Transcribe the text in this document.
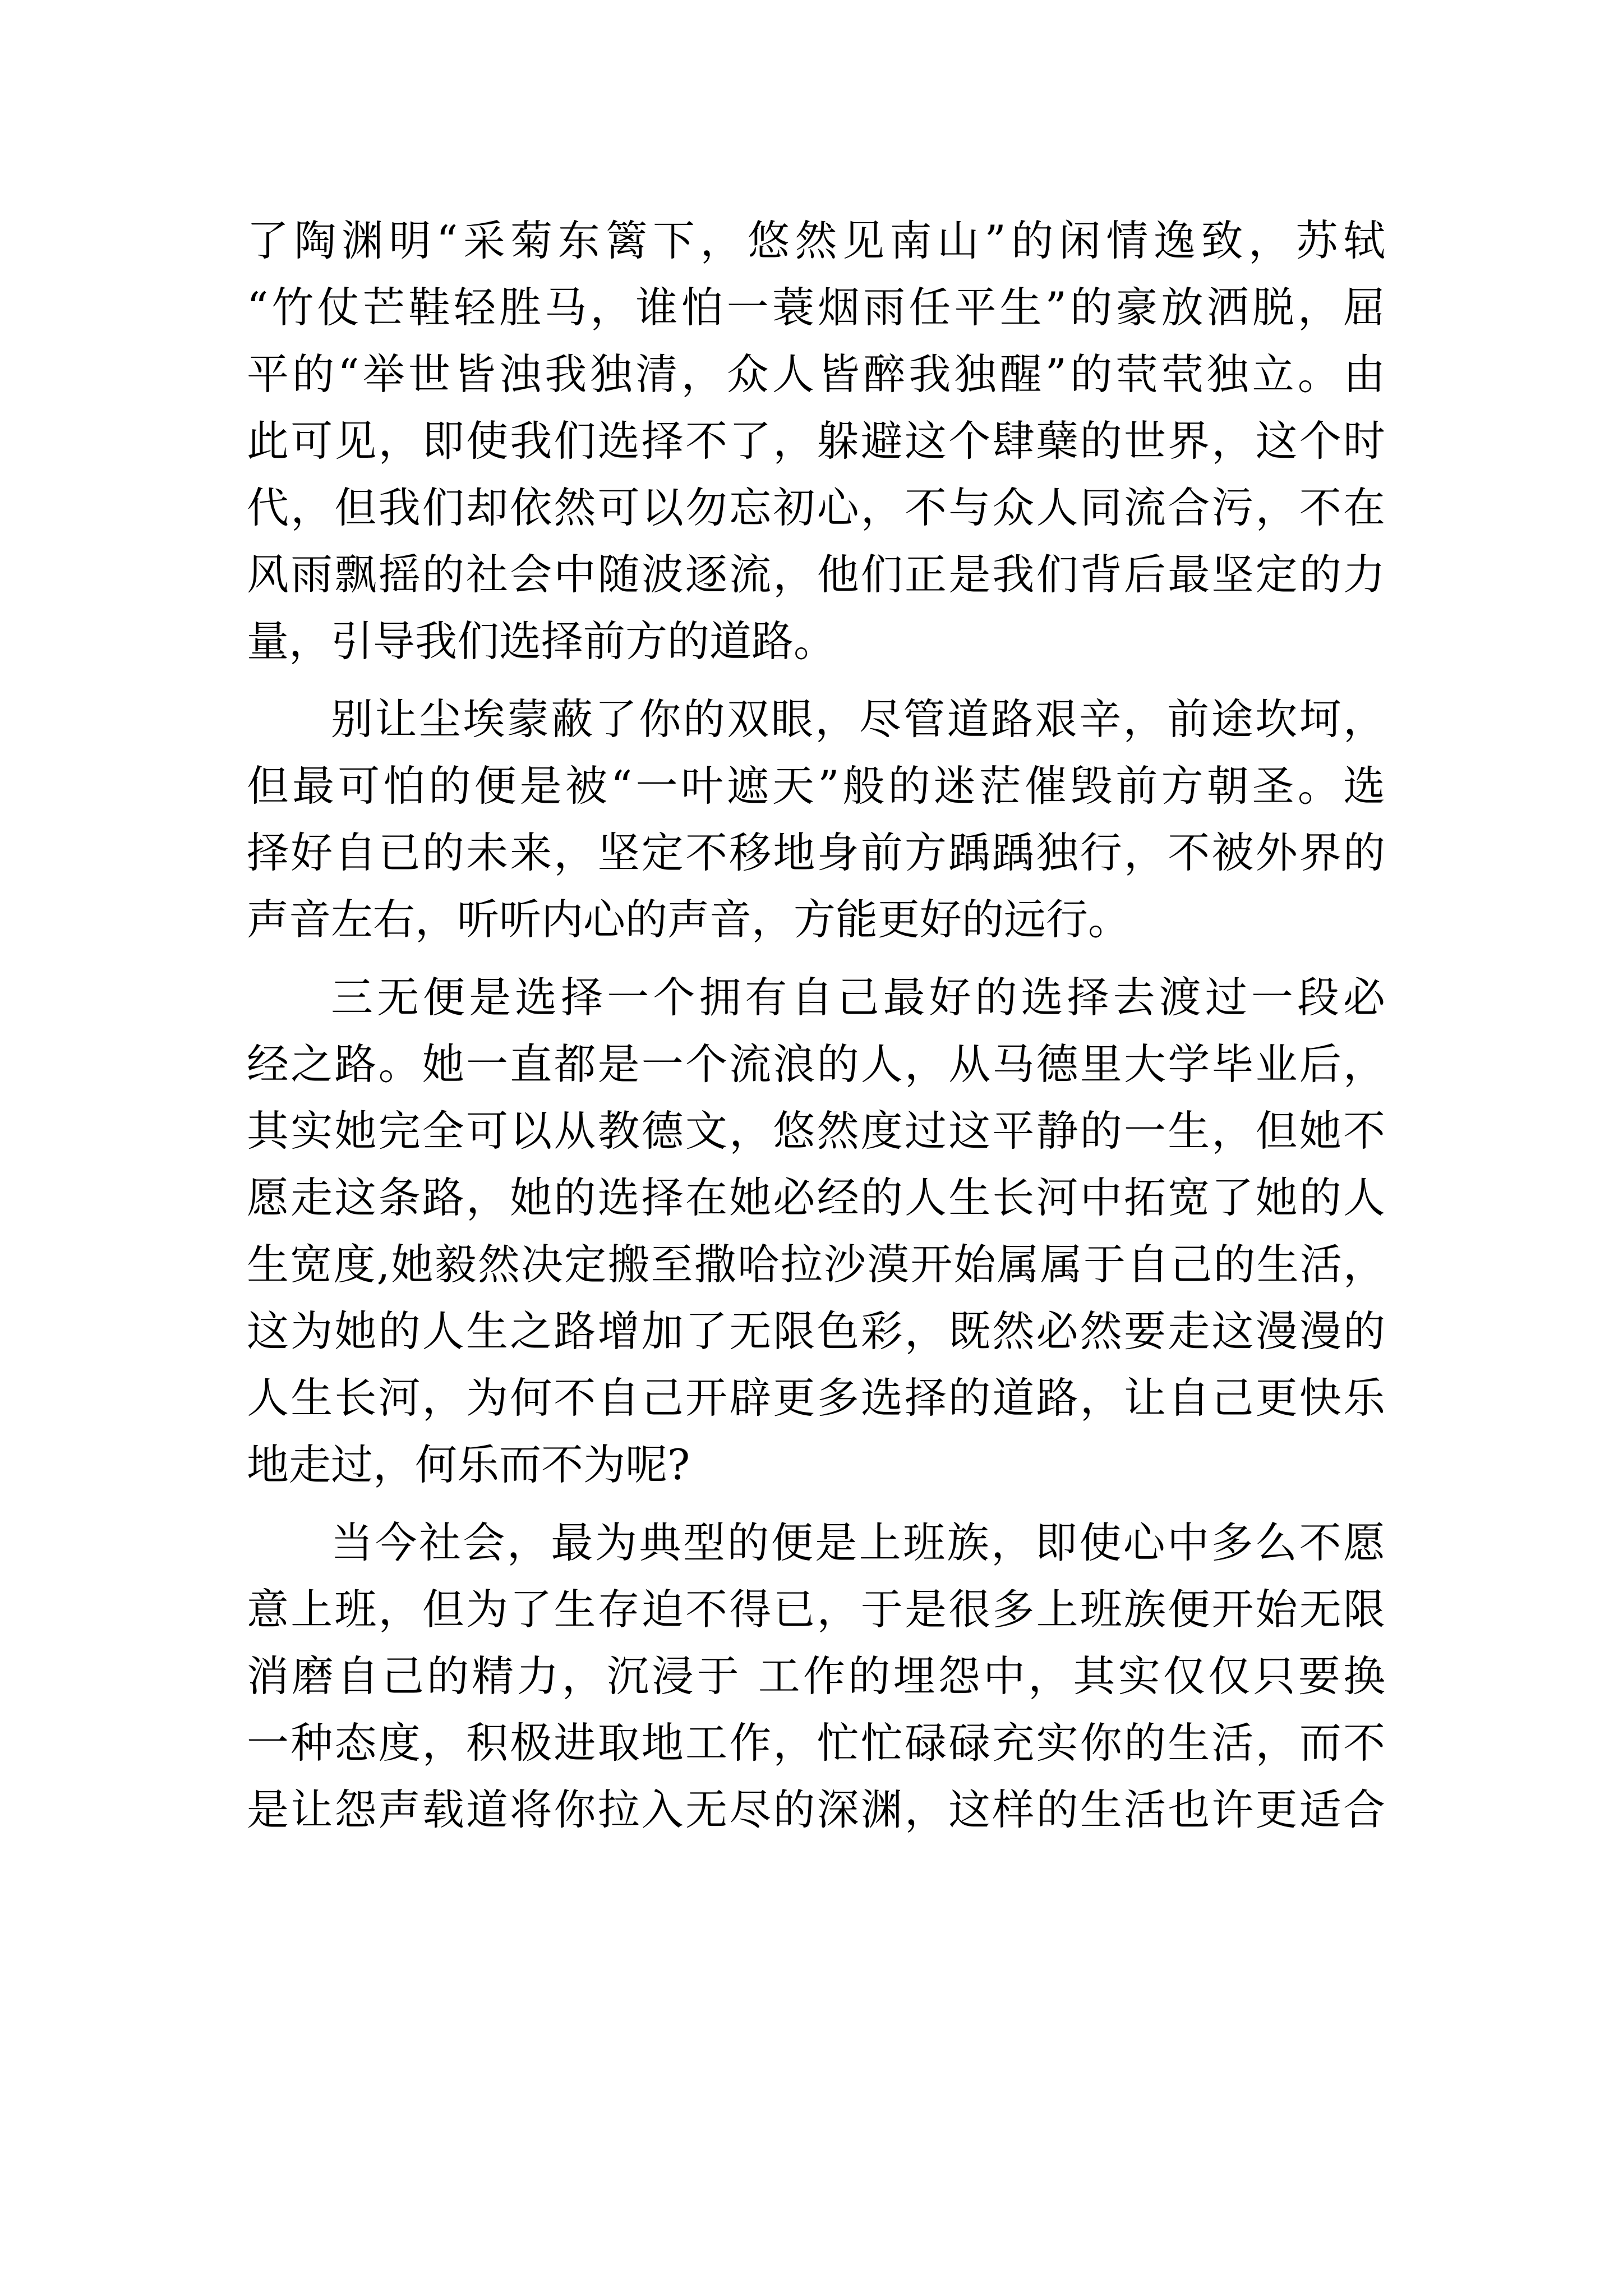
了陶渊明“采菊东篱下，悠然见南山”的闲情逸致，苏轼
“竹仗芒鞋轻胜马，谁怕一蓑烟雨任平生”的豪放洒脱，屈
平的“举世皆浊我独清，众人皆醉我独醒”的茕茕独立。由
此可见，即使我们选择不了，躲避这个肆蘖的世界，这个时
代，但我们却依然可以勿忘初心，不与众人同流合污，不在
风雨飘摇的社会中随波逐流，他们正是我们背后最坚定的力
量，引导我们选择前方的道路。
别让尘埃蒙蔽了你的双眼，尽管道路艰辛，前途坎坷，
但最可怕的便是被“一叶遮天”般的迷茫催毁前方朝圣。选
择好自已的未来，坚定不移地身前方踽踽独行，不被外界的
声音左右，听听内心的声音，方能更好的远行。
三无便是选择一个拥有自己最好的选择去渡过一段必
经之路。她一直都是一个流浪的人，从马德里大学毕业后，
其实她完全可以从教德文，悠然度过这平静的一生，但她不
愿走这条路，她的选择在她必经的人生长河中拓宽了她的人
生宽度,她毅然决定搬至撒哈拉沙漠开始属属于自己的生活，
这为她的人生之路增加了无限色彩，既然必然要走这漫漫的
人生长河，为何不自己开辟更多选择的道路，让自己更快乐
地走过，何乐而不为呢?
当今社会，最为典型的便是上班族，即使心中多么不愿
意上班，但为了生存迫不得已，于是很多上班族便开始无限
消磨自己的精力，沉浸于 工作的埋怨中，其实仅仅只要换
一种态度，积极进取地工作，忙忙碌碌充实你的生活，而不
是让怨声载道将你拉入无尽的深渊，这样的生活也许更适合
